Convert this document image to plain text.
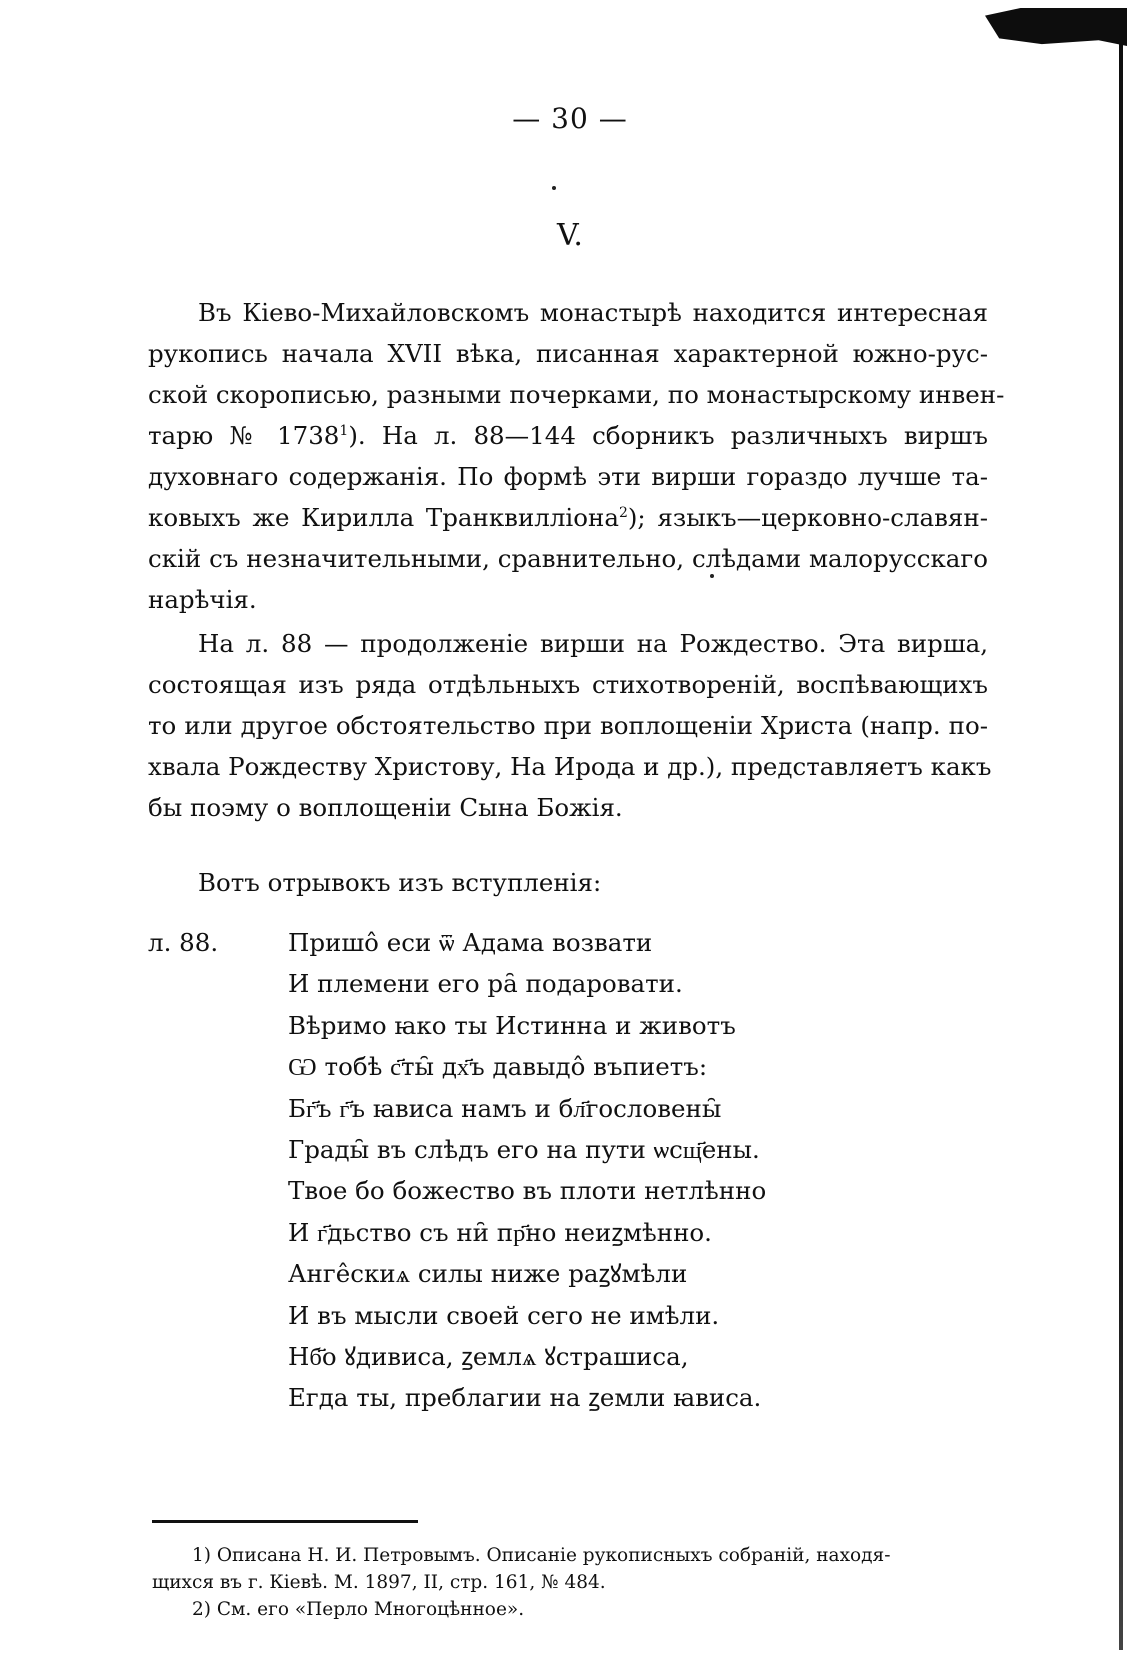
— 30 —
V.
Въ Кіево-Михайловскомъ монастырѣ находится интересная
рукопись начала XVII вѣка, писанная характерной южно-рус-
ской скорописью, разными почерками, по монастырскому инвен-
тарю № 1738$^1$). На л. 88—144 сборникъ различныхъ виршъ
духовнаго содержанія. По формѣ эти вирши гораздо лучше та-
ковыхъ же Кирилла Транквилліона$^2$); языкъ—церковно-славян-
скій съ незначительными, сравнительно, слѣдами малорусскаго
нарѣчія.
На л. 88 — продолженіе вирши на Рождество. Эта вирша,
состоящая изъ ряда отдѣльныхъ стихотвореній, воспѣвающихъ
то или другое обстоятельство при воплощеніи Христа (напр. по-
хвала Рождеству Христову, На Ирода и др.), представляетъ какъ
бы поэму о воплощеніи Сына Божія.
Вотъ отрывокъ изъ вступленія:
л. 88.	Пришо̂ еси ѿ Адама возвати
И племени его ра̑ подаровати.
Вѣримо ꙗко ты Истинна и животъ
Ѡ тобѣ с҃ты̑ дх҃ъ давыдо̂ въпиетъ:
Бг҃ъ г҃ъ ꙗвиса намъ и бл҃гословены̑
Грады̑ въ слѣдъ его на пути ѡсщ҃ены.
Твое бо божество въ плоти нетлѣнно
И г҃дьство съ ни̑ пр҃но неиꙁмѣнно.
Анге̂скиѧ силы ниже раꙁꙋмѣли
И въ мысли своей сего не имѣли.
Нб҃о ꙋдивиса, ꙁемлѧ ꙋстрашиса,
Егда ты, преблагии на ꙁемли ꙗвиса.
1) Описана Н. И. Петровымъ. Описаніе рукописныхъ собраній, находя-
щихся въ г. Кіевѣ. М. 1897, II, стр. 161, № 484.
2) См. его «Перло Многоцѣнное».
